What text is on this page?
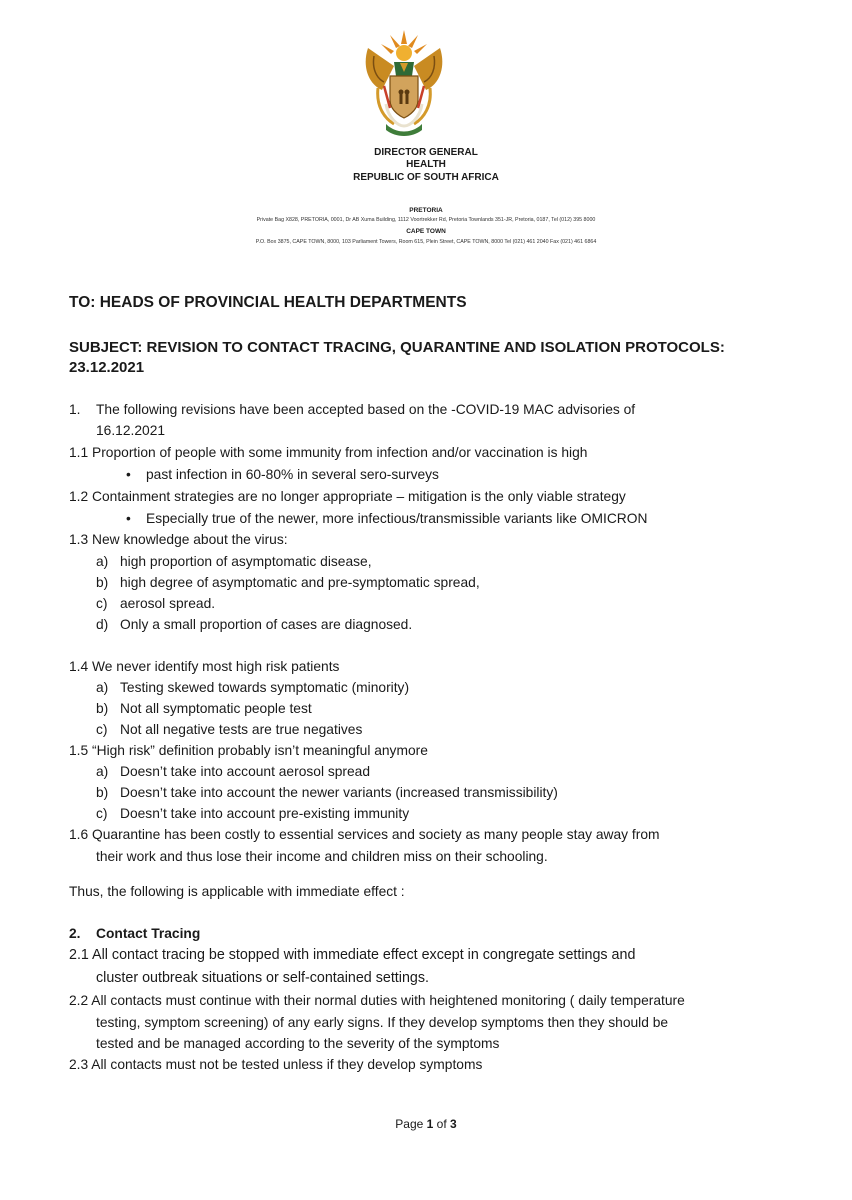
DIRECTOR GENERAL
HEALTH
REPUBLIC OF SOUTH AFRICA
PRETORIA
Private Bag X828, PRETORIA, 0001, Dr AB Xuma Building, 1112 Voortrekker Rd, Pretoria Townlands 351-JR, Pretoria, 0187, Tel (012) 395 8000
CAPE TOWN
P.O. Box 3875, CAPE TOWN, 8000, 103 Parliament Towers, Room 615, Plein Street, CAPE TOWN, 8000 Tel (021) 461 2040 Fax (021) 461 6864
TO: HEADS OF PROVINCIAL HEALTH DEPARTMENTS
SUBJECT: REVISION TO CONTACT TRACING, QUARANTINE AND ISOLATION PROTOCOLS:
23.12.2021
1. The following revisions have been accepted based on the -COVID-19 MAC advisories of
16.12.2021
1.1 Proportion of people with some immunity from infection and/or vaccination is high
• past infection in 60-80% in several sero-surveys
1.2 Containment strategies are no longer appropriate – mitigation is the only viable strategy
• Especially true of the newer, more infectious/transmissible variants like OMICRON
1.3 New knowledge about the virus:
a) high proportion of asymptomatic disease,
b) high degree of asymptomatic and pre-symptomatic spread,
c) aerosol spread.
d) Only a small proportion of cases are diagnosed.
1.4 We never identify most high risk patients
a) Testing skewed towards symptomatic (minority)
b) Not all symptomatic people test
c) Not all negative tests are true negatives
1.5 “High risk” definition probably isn’t meaningful anymore
a) Doesn’t take into account aerosol spread
b) Doesn’t take into account the newer variants (increased transmissibility)
c) Doesn’t take into account pre-existing immunity
1.6 Quarantine has been costly to essential services and society as many people stay away from
their work and thus lose their income and children miss on their schooling.
Thus, the following is applicable with immediate effect :
2. Contact Tracing
2.1 All contact tracing be stopped with immediate effect except in congregate settings and
cluster outbreak situations or self-contained settings.
2.2 All contacts must continue with their normal duties with heightened monitoring ( daily temperature
testing, symptom screening) of any early signs. If they develop symptoms then they should be
tested and be managed according to the severity of the symptoms
2.3 All contacts must not be tested unless if they develop symptoms
Page 1 of 3
